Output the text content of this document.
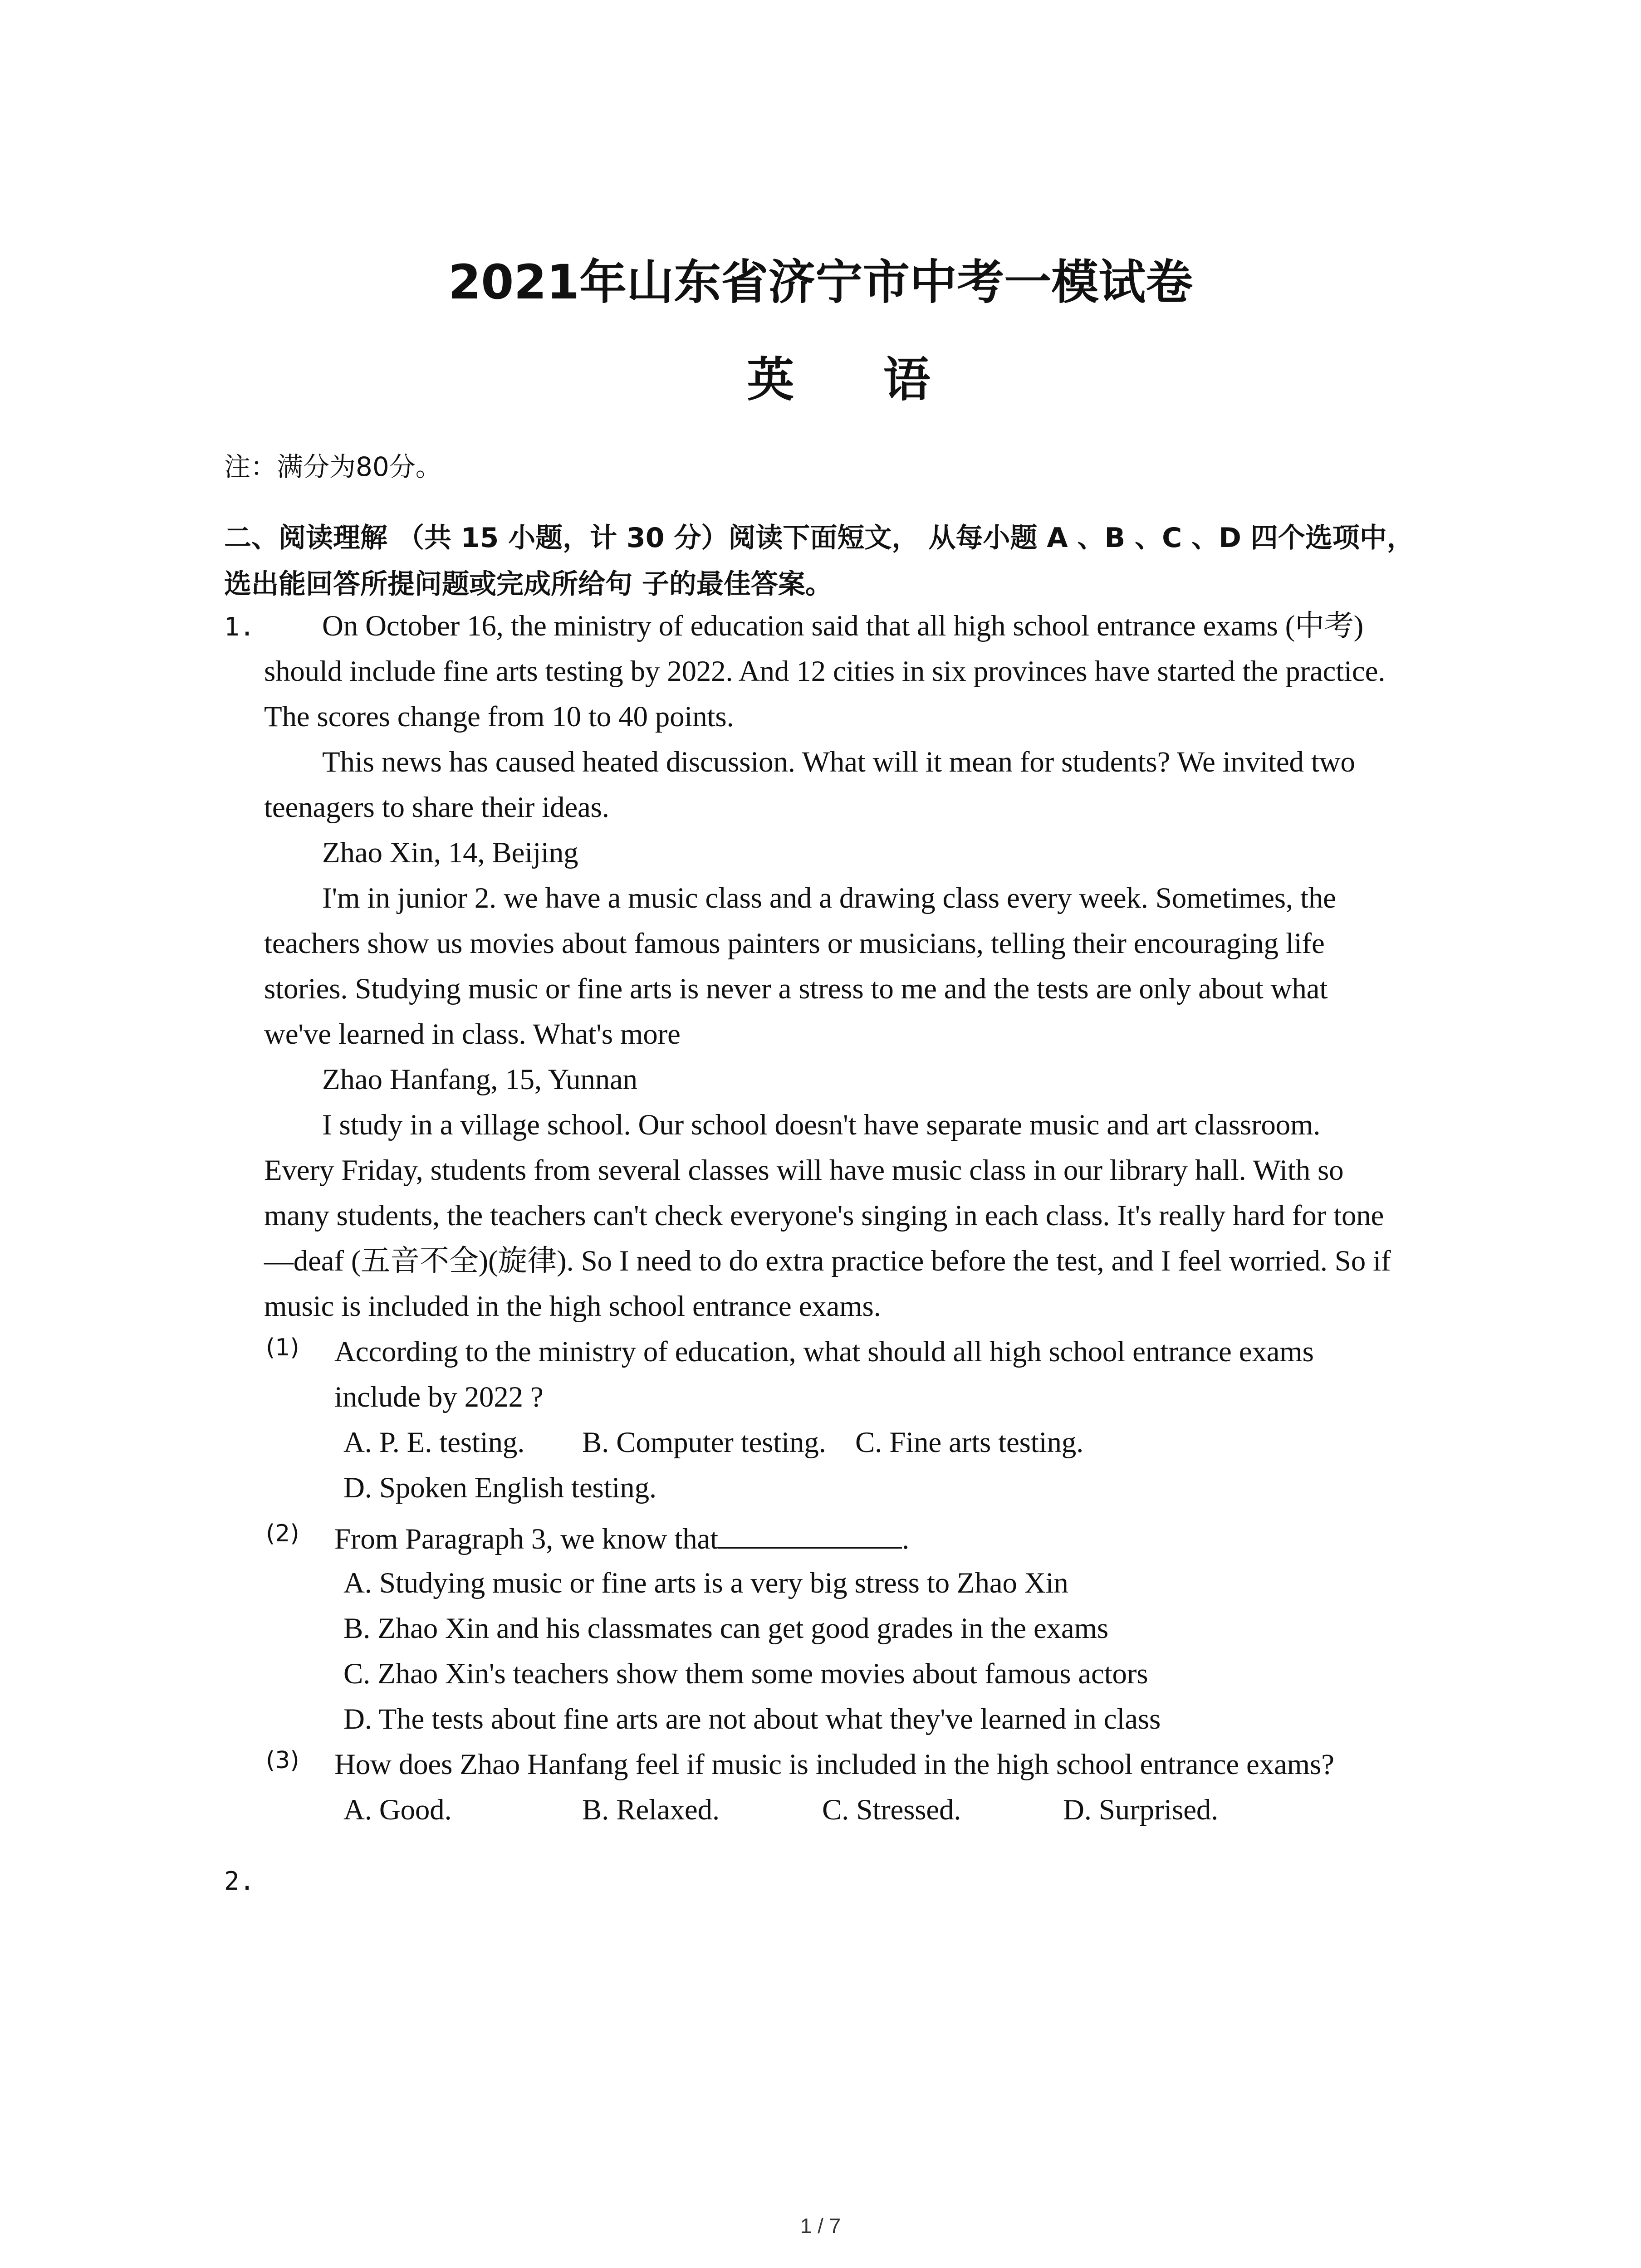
2021年山东省济宁市中考一模试卷
英 语
注：满分为80分。
二、阅读理解 （共 15 小题，计 30 分）阅读下面短文， 从每小题 A 、B 、C 、D 四个选项中， 选出能回答所提问题或完成所给句 子的最佳答案。
1. On October 16, the ministry of education said that all high school entrance exams (中考)
should include fine arts testing by 2022. And 12 cities in six provinces have started the practice.
The scores change from 10 to 40 points.
This news has caused heated discussion. What will it mean for students? We invited two
teenagers to share their ideas.
Zhao Xin, 14, Beijing
I'm in junior 2. we have a music class and a drawing class every week. Sometimes, the
teachers show us movies about famous painters or musicians, telling their encouraging life
stories. Studying music or fine arts is never a stress to me and the tests are only about what
we've learned in class. What's more
Zhao Hanfang, 15, Yunnan
I study in a village school. Our school doesn't have separate music and art classroom.
Every Friday, students from several classes will have music class in our library hall. With so
many students, the teachers can't check everyone's singing in each class. It's really hard for tone
—deaf (五音不全)(旋律). So I need to do extra practice before the test, and I feel worried. So if
music is included in the high school entrance exams.
(1) According to the ministry of education, what should all high school entrance exams
include by 2022 ?
A. P. E. testing. B. Computer testing. C. Fine arts testing.
D. Spoken English testing.
(2) From Paragraph 3, we know that	.
A. Studying music or fine arts is a very big stress to Zhao Xin
B. Zhao Xin and his classmates can get good grades in the exams
C. Zhao Xin's teachers show them some movies about famous actors
D. The tests about fine arts are not about what they've learned in class
(3) How does Zhao Hanfang feel if music is included in the high school entrance exams?
A. Good.	B. Relaxed.	C. Stressed.	D. Surprised.
2.
1 / 7
